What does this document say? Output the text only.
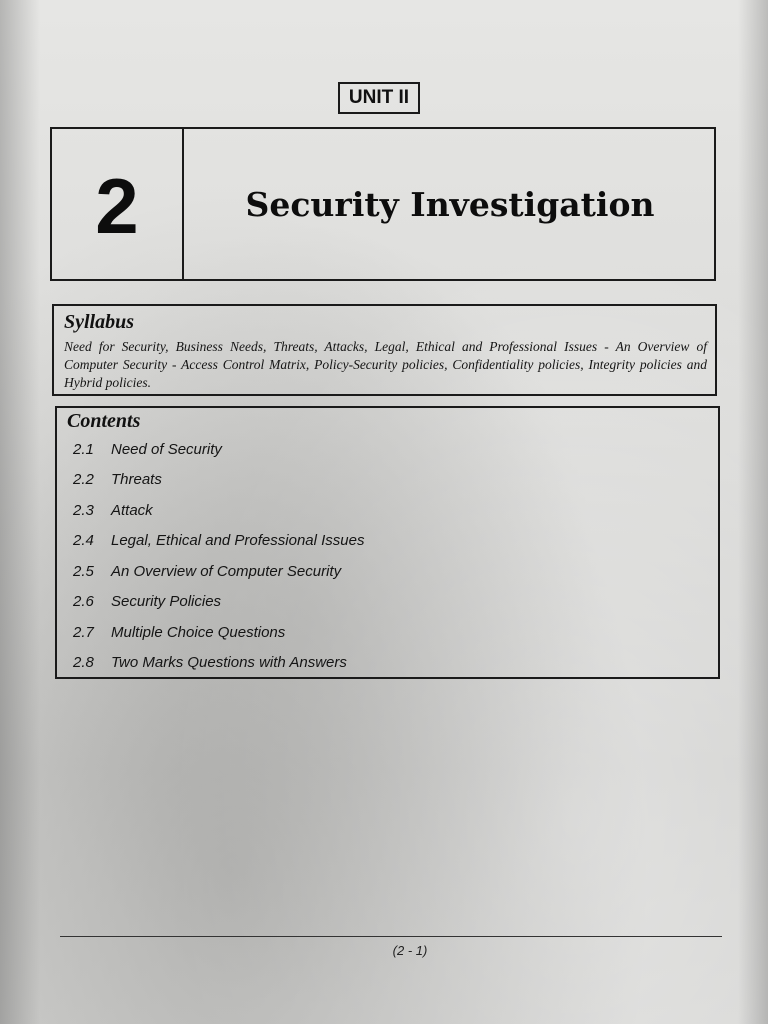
UNIT II
2	Security Investigation
Syllabus
Need for Security, Business Needs, Threats, Attacks, Legal, Ethical and Professional Issues - An Overview of Computer Security - Access Control Matrix, Policy-Security policies, Confidentiality policies, Integrity policies and Hybrid policies.
Contents
2.1	Need of Security
2.2	Threats
2.3	Attack
2.4	Legal, Ethical and Professional Issues
2.5	An Overview of Computer Security
2.6	Security Policies
2.7	Multiple Choice Questions
2.8	Two Marks Questions with Answers
(2 - 1)
